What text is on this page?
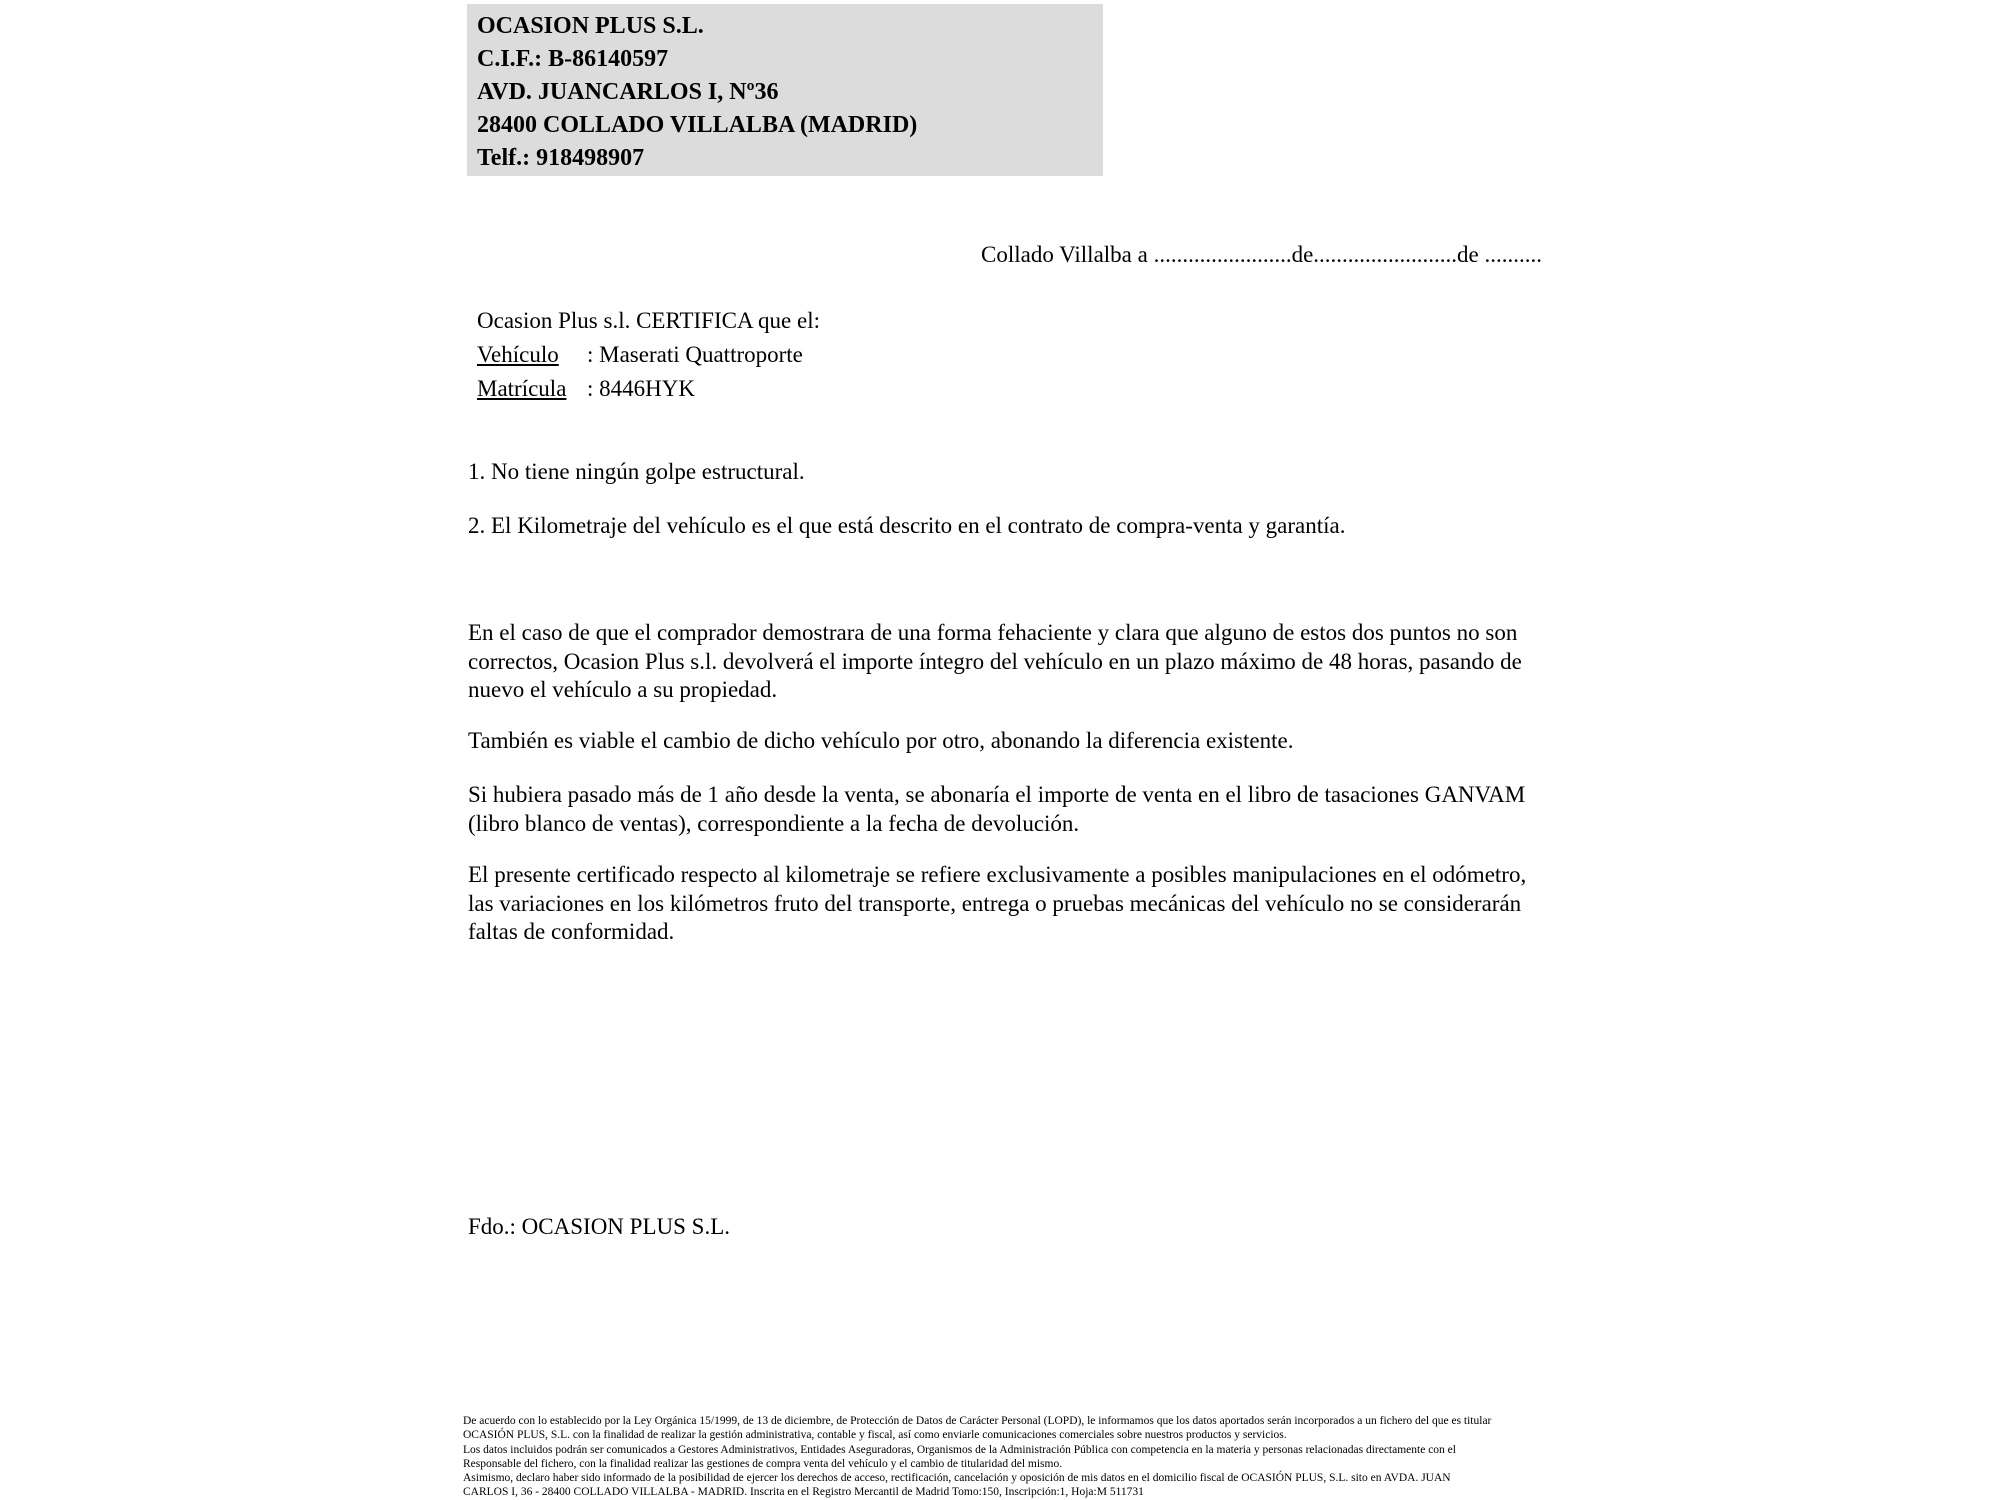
OCASION PLUS S.L.
C.I.F.: B-86140597
AVD. JUANCARLOS I, Nº36
28400 COLLADO VILLALBA (MADRID)
Telf.: 918498907
Collado Villalba a ........................de.........................de ..........
Ocasion Plus s.l. CERTIFICA que el:
Vehículo : Maserati Quattroporte
Matrícula : 8446HYK
1. No tiene ningún golpe estructural.
2. El Kilometraje del vehículo es el que está descrito en el contrato de compra-venta y garantía.
En el caso de que el comprador demostrara de una forma fehaciente y clara que alguno de estos dos puntos no son correctos, Ocasion Plus s.l. devolverá el importe íntegro del vehículo en un plazo máximo de 48 horas, pasando de nuevo el vehículo a su propiedad.
También es viable el cambio de dicho vehículo por otro, abonando la diferencia existente.
Si hubiera pasado más de 1 año desde la venta, se abonaría el importe de venta en el libro de tasaciones GANVAM (libro blanco de ventas), correspondiente a la fecha de devolución.
El presente certificado respecto al kilometraje se refiere exclusivamente a posibles manipulaciones en el odómetro, las variaciones en los kilómetros fruto del transporte, entrega o pruebas mecánicas del vehículo no se considerarán faltas de conformidad.
Fdo.: OCASION PLUS S.L.
De acuerdo con lo establecido por la Ley Orgánica 15/1999, de 13 de diciembre, de Protección de Datos de Carácter Personal (LOPD), le informamos que los datos aportados serán incorporados a un fichero del que es titular
OCASIÓN PLUS, S.L. con la finalidad de realizar la gestión administrativa, contable y fiscal, así como enviarle comunicaciones comerciales sobre nuestros productos y servicios.
Los datos incluidos podrán ser comunicados a Gestores Administrativos, Entidades Aseguradoras, Organismos de la Administración Pública con competencia en la materia y personas relacionadas directamente con el
Responsable del fichero, con la finalidad realizar las gestiones de compra venta del vehículo y el cambio de titularidad del mismo.
Asimismo, declaro haber sido informado de la posibilidad de ejercer los derechos de acceso, rectificación, cancelación y oposición de mis datos en el domicilio fiscal de OCASIÓN PLUS, S.L. sito en AVDA. JUAN
CARLOS I, 36 - 28400 COLLADO VILLALBA - MADRID. Inscrita en el Registro Mercantil de Madrid Tomo:150, Inscripción:1, Hoja:M 511731
